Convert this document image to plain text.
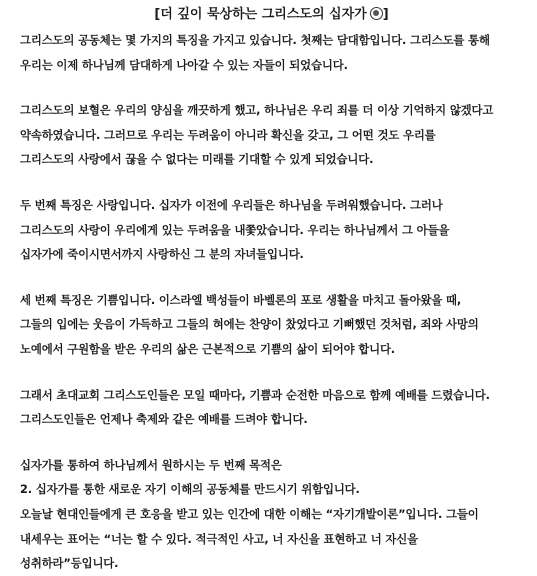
[더 깊이 묵상하는 그리스도의 십자가 ]
그리스도의 공동체는 몇 가지의 특징을 가지고 있습니다. 첫째는 담대함입니다. 그리스도를 통해
우리는 이제 하나님께 담대하게 나아갈 수 있는 자들이 되었습니다.
그리스도의 보혈은 우리의 양심을 깨끗하게 했고, 하나님은 우리 죄를 더 이상 기억하지 않겠다고
약속하였습니다. 그러므로 우리는 두려움이 아니라 확신을 갖고, 그 어떤 것도 우리를
그리스도의 사랑에서 끊을 수 없다는 미래를 기대할 수 있게 되었습니다.
두 번째 특징은 사랑입니다. 십자가 이전에 우리들은 하나님을 두려워했습니다. 그러나
그리스도의 사랑이 우리에게 있는 두려움을 내쫓았습니다. 우리는 하나님께서 그 아들을
십자가에 죽이시면서까지 사랑하신 그 분의 자녀들입니다.
세 번째 특징은 기쁨입니다. 이스라엘 백성들이 바벨론의 포로 생활을 마치고 돌아왔을 때,
그들의 입에는 웃음이 가득하고 그들의 혀에는 찬양이 찼었다고 기뻐했던 것처럼, 죄와 사망의
노예에서 구원함을 받은 우리의 삶은 근본적으로 기쁨의 삶이 되어야 합니다.
그래서 초대교회 그리스도인들은 모일 때마다, 기쁨과 순전한 마음으로 함께 예배를 드렸습니다.
그리스도인들은 언제나 축제와 같은 예배를 드려야 합니다.
십자가를 통하여 하나님께서 원하시는 두 번째 목적은
2. 십자가를 통한 새로운 자기 이해의 공동체를 만드시기 위함입니다.
오늘날 현대인들에게 큰 호응을 받고 있는 인간에 대한 이해는 “자기개발이론”입니다. 그들이
내세우는 표어는 “너는 할 수 있다. 적극적인 사고, 너 자신을 표현하고 너 자신을
성취하라”등입니다.
